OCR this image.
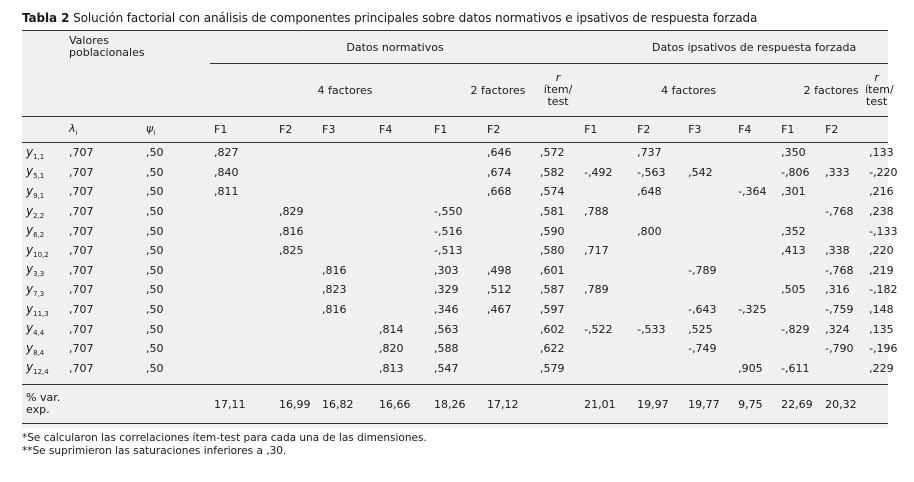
Tabla 2 Solución factorial con análisis de componentes principales sobre datos normativos e ipsativos de respuesta forzada
Valores
poblacionales			Datos normativos							Datos ipsativos de respuesta forzada						
			4 factores				2 factores		r
ítem/
test	4 factores				2 factores		r
ítem/
test
	$\lambda_i$	$\psi_i$	F1	F2	F3	F4	F1	F2		F1	F2	F3	F4	F1	F2	
$y_{1,1}$	,707	,50	,827					,646	,572		,737			,350		,133
$y_{5,1}$	,707	,50	,840					,674	,582	-,492	-,563	,542		-,806	,333	-,220
$y_{9,1}$	,707	,50	,811					,668	,574		,648		-,364	,301		,216
$y_{2,2}$	,707	,50		,829			-,550		,581	,788					-,768	,238
$y_{6,2}$	,707	,50		,816			-,516		,590		,800			,352		-,133
$y_{10,2}$	,707	,50		,825			-,513		,580	,717				,413	,338	,220
$y_{3,3}$	,707	,50			,816		,303	,498	,601			-,789			-,768	,219
$y_{7,3}$	,707	,50			,823		,329	,512	,587	,789				,505	,316	-,182
$y_{11,3}$	,707	,50			,816		,346	,467	,597			-,643	-,325		-,759	,148
$y_{4,4}$	,707	,50				,814	,563		,602	-,522	-,533	,525		-,829	,324	,135
$y_{8,4}$	,707	,50				,820	,588		,622			-,749			-,790	-,196
$y_{12,4}$	,707	,50				,813	,547		,579				,905	-,611		,229

% var.
exp.			17,11	16,99	16,82	16,66	18,26	17,12		21,01	19,97	19,77	9,75	22,69	20,32	
*Se calcularon las correlaciones ítem-test para cada una de las dimensiones.
**Se suprimieron las saturaciones inferiores a ,30.
